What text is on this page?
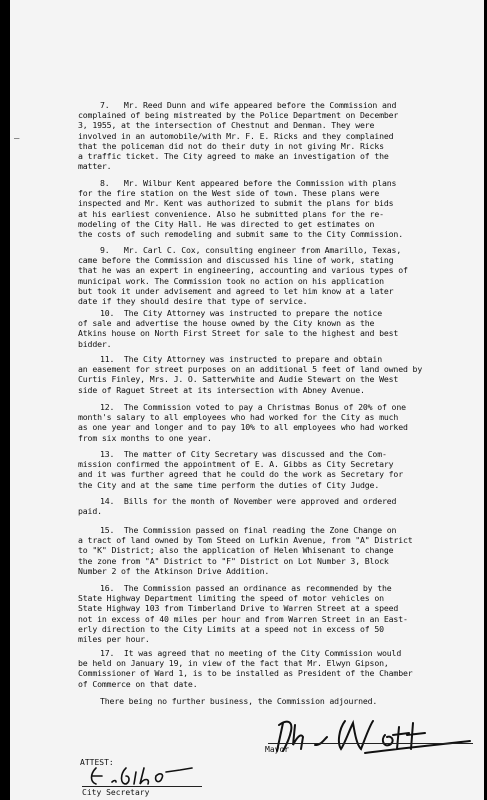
7.   Mr. Reed Dunn and wife appeared before the Commission and
complained of being mistreated by the Police Department on December
3, 1955, at the intersection of Chestnut and Denman. They were
involved in an automobile/with Mr. F. E. Ricks and they complained
that the policeman did not do their duty in not giving Mr. Ricks
a traffic ticket. The City agreed to make an investigation of the
matter.
8.   Mr. Wilbur Kent appeared before the Commission with plans
for the fire station on the West side of town. These plans were
inspected and Mr. Kent was authorized to submit the plans for bids
at his earliest convenience. Also he submitted plans for the re-
modeling of the City Hall. He was directed to get estimates on
the costs of such remodeling and submit same to the City Commission.
9.   Mr. Carl C. Cox, consulting engineer from Amarillo, Texas,
came before the Commission and discussed his line of work, stating
that he was an expert in engineering, accounting and various types of
municipal work. The Commission took no action on his application
but took it under advisement and agreed to let him know at a later
date if they should desire that type of service.
10.  The City Attorney was instructed to prepare the notice
of sale and advertise the house owned by the City known as the
Atkins house on North First Street for sale to the highest and best
bidder.
11.  The City Attorney was instructed to prepare and obtain
an easement for street purposes on an additional 5 feet of land owned by
Curtis Finley, Mrs. J. O. Satterwhite and Audie Stewart on the West
side of Raguet Street at its intersection with Abney Avenue.
12.  The Commission voted to pay a Christmas Bonus of 20% of one
month's salary to all employees who had worked for the City as much
as one year and longer and to pay 10% to all employees who had worked
from six months to one year.
13.  The matter of City Secretary was discussed and the Com-
mission confirmed the appointment of E. A. Gibbs as City Secretary
and it was further agreed that he could do the work as Secretary for
the City and at the same time perform the duties of City Judge.
14.  Bills for the month of November were approved and ordered
paid.
15.  The Commission passed on final reading the Zone Change on
a tract of land owned by Tom Steed on Lufkin Avenue, from "A" District
to "K" District; also the application of Helen Whisenant to change
the zone from "A" District to "F" District on Lot Number 3, Block
Number 2 of the Atkinson Drive Addition.
16.  The Commission passed an ordinance as recommended by the
State Highway Department limiting the speed of motor vehicles on
State Highway 103 from Timberland Drive to Warren Street at a speed
not in excess of 40 miles per hour and from Warren Street in an East-
erly direction to the City Limits at a speed not in excess of 50
miles per hour.
17.  It was agreed that no meeting of the City Commission would
be held on January 19, in view of the fact that Mr. Elwyn Gipson,
Commissioner of Ward 1, is to be installed as President of the Chamber
of Commerce on that date.
There being no further business, the Commission adjourned.
—
Mayor
ATTEST:
City Secretary
